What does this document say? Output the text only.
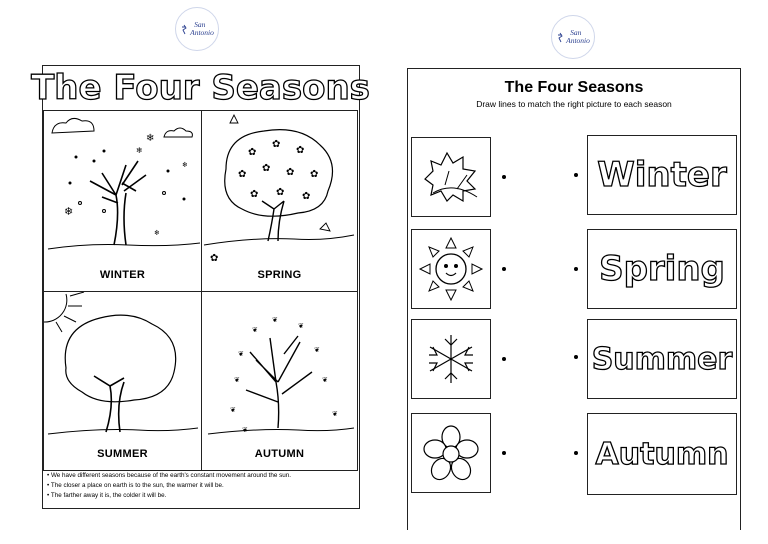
San
Antonio	San
Antonio
The Four Seasons
❄
❄
❄
❄
❄
WINTER
✿
✿
✿
✿
✿ ✿ ✿
✿ ✿ ✿
✿
SPRING
SUMMER
❦
❦
❦
❦
❦
❦	❦
❦
❦
❦
AUTUMN
• We have different seasons because of the earth's constant movement around the sun.
• The closer a place on earth is to the sun, the warmer it will be.
• The farther away it is, the colder it will be.
The Four Seasons
Draw lines to match the right picture to each season
Winter
Spring
Summer
Autumn
